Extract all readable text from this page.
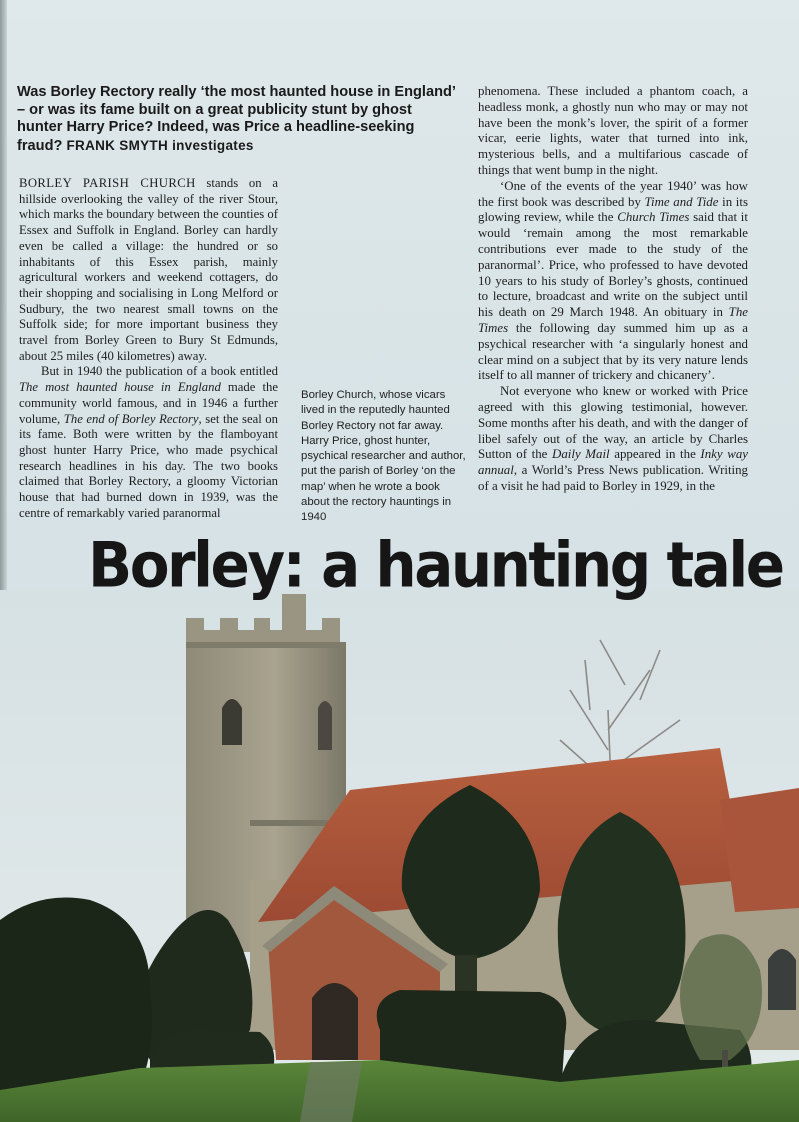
Was Borley Rectory really ‘the most haunted house in England’ – or was its fame built on a great publicity stunt by ghost hunter Harry Price? Indeed, was Price a headline-seeking fraud? FRANK SMYTH investigates

BORLEY PARISH CHURCH stands on a hillside overlooking the valley of the river Stour, which marks the boundary between the counties of Essex and Suffolk in England. Borley can hardly even be called a village: the hundred or so inhabitants of this Essex parish, mainly agricultural workers and weekend cottagers, do their shopping and socialising in Long Melford or Sudbury, the two nearest small towns on the Suffolk side; for more important business they travel from Borley Green to Bury St Edmunds, about 25 miles (40 kilometres) away.

But in 1940 the publication of a book entitled The most haunted house in England made the community world famous, and in 1946 a further volume, The end of Borley Rectory, set the seal on its fame. Both were written by the flamboyant ghost hunter Harry Price, who made psychical research headlines in his day. The two books claimed that Borley Rectory, a gloomy Victorian house that had burned down in 1939, was the centre of remarkably varied paranormal

Borley Church, whose vicars lived in the reputedly haunted Borley Rectory not far away. Harry Price, ghost hunter, psychical researcher and author, put the parish of Borley ‘on the map’ when he wrote a book about the rectory hauntings in 1940

phenomena. These included a phantom coach, a headless monk, a ghostly nun who may or may not have been the monk’s lover, the spirit of a former vicar, eerie lights, water that turned into ink, mysterious bells, and a multifarious cascade of things that went bump in the night.

‘One of the events of the year 1940’ was how the first book was described by Time and Tide in its glowing review, while the Church Times said that it would ‘remain among the most remarkable contributions ever made to the study of the paranormal’. Price, who professed to have devoted 10 years to his study of Borley’s ghosts, continued to lecture, broadcast and write on the subject until his death on 29 March 1948. An obituary in The Times the following day summed him up as a psychical researcher with ‘a singularly honest and clear mind on a subject that by its very nature lends itself to all manner of trickery and chicanery’.

Not everyone who knew or worked with Price agreed with this glowing testimonial, however. Some months after his death, and with the danger of libel safely out of the way, an article by Charles Sutton of the Daily Mail appeared in the Inky way annual, a World’s Press News publication. Writing of a visit he had paid to Borley in 1929, in the

Borley: a haunting tale
